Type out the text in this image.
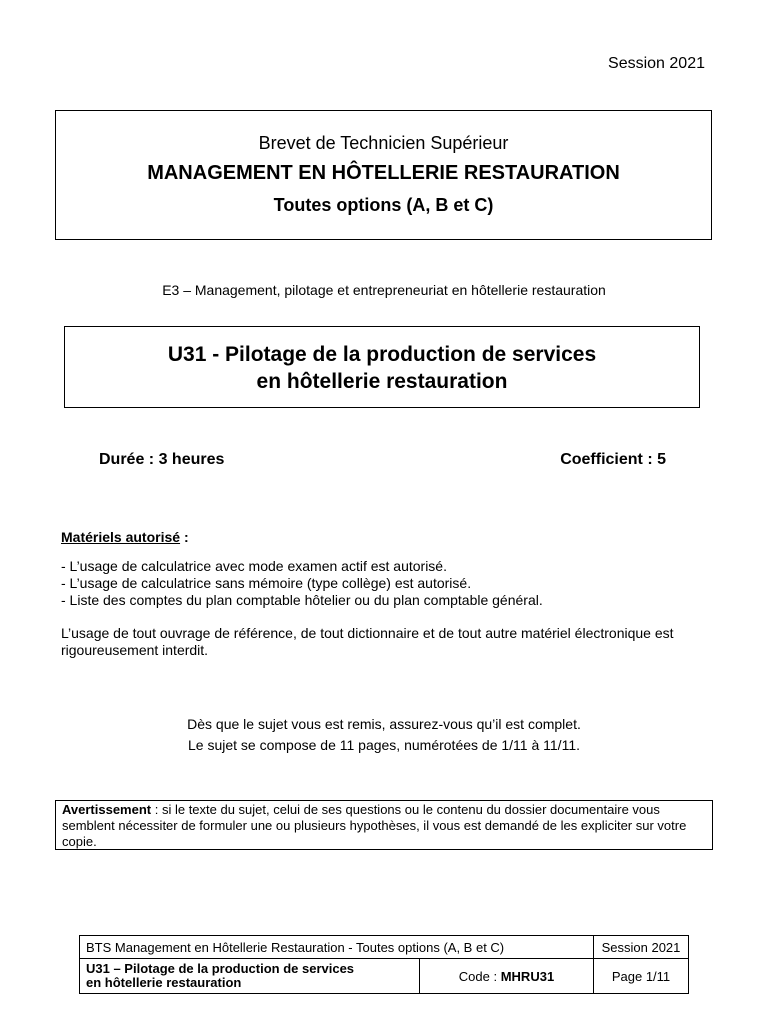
Session 2021
Brevet de Technicien Supérieur
MANAGEMENT EN HÔTELLERIE RESTAURATION
Toutes options (A, B et C)
E3 – Management, pilotage et entrepreneuriat en hôtellerie restauration
U31 - Pilotage de la production de services
en hôtellerie restauration
Durée : 3 heures	Coefficient : 5
Matériels autorisé :
- L’usage de calculatrice avec mode examen actif est autorisé.
- L’usage de calculatrice sans mémoire (type collège) est autorisé.
- Liste des comptes du plan comptable hôtelier ou du plan comptable général.
L’usage de tout ouvrage de référence, de tout dictionnaire et de tout autre matériel électronique est rigoureusement interdit.
Dès que le sujet vous est remis, assurez-vous qu’il est complet.
Le sujet se compose de 11 pages, numérotées de 1/11 à 11/11.
Avertissement : si le texte du sujet, celui de ses questions ou le contenu du dossier documentaire vous semblent nécessiter de formuler une ou plusieurs hypothèses, il vous est demandé de les expliciter sur votre copie.
BTS Management en Hôtellerie Restauration - Toutes options (A, B et C)		Session 2021

U31 – Pilotage de la production de services
en hôtellerie restauration	Code : MHRU31	Page 1/11
